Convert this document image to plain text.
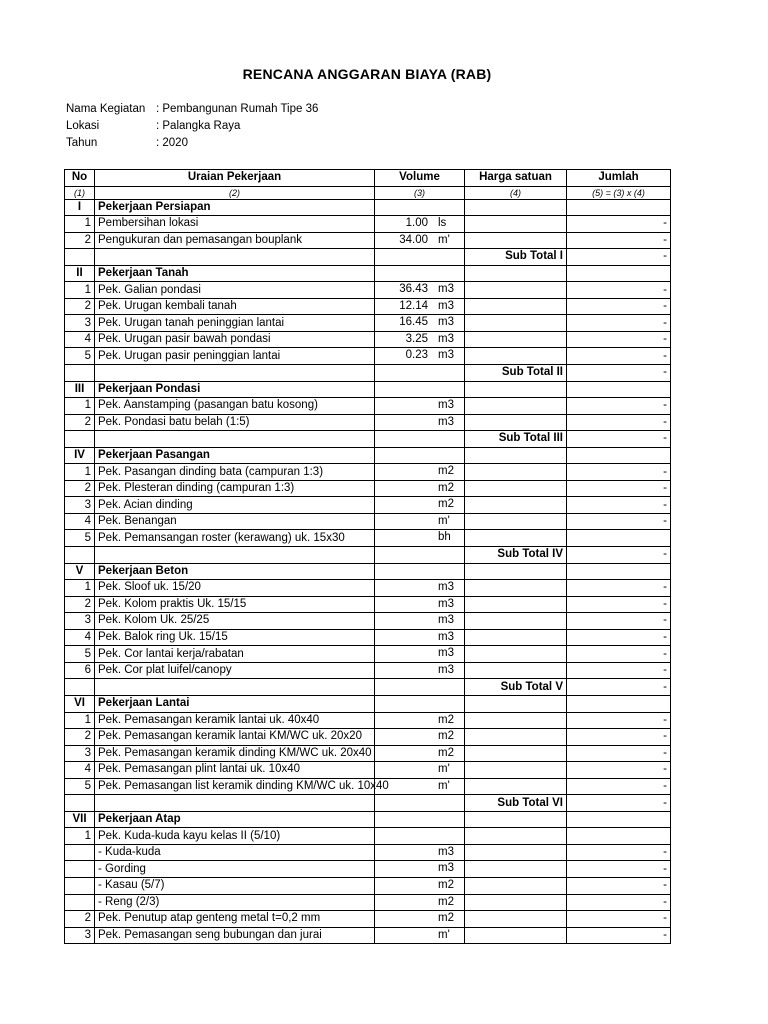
RENCANA ANGGARAN BIAYA (RAB)
Nama Kegiatan : Pembangunan Rumah Tipe 36
Lokasi	: Palangka Raya
Tahun	: 2020
No	Uraian Pekerjaan	Volume	Harga satuan	Jumlah
(1)	(2)	(3)	(4)	(5) = (3) x (4)
I	Pekerjaan Persiapan			
1	Pembersihan lokasi	1.00 ls		-
2	Pengukuran dan pemasangan bouplank	34.00 m'		-
			Sub Total I	-
II	Pekerjaan Tanah			
1	Pek. Galian pondasi	36.43 m3		-
2	Pek. Urugan kembali tanah	12.14 m3		-
3	Pek. Urugan tanah peninggian lantai	16.45 m3		-
4	Pek. Urugan pasir bawah pondasi	3.25 m3		-
5	Pek. Urugan pasir peninggian lantai	0.23 m3		-
			Sub Total II	-
III	Pekerjaan Pondasi			
1	Pek. Aanstamping (pasangan batu kosong)	m3		-
2	Pek. Pondasi batu belah (1:5)	m3		-
			Sub Total III	-
IV	Pekerjaan Pasangan			
1	Pek. Pasangan dinding bata (campuran 1:3)	m2		-
2	Pek. Plesteran dinding (campuran 1:3)	m2		-
3	Pek. Acian dinding	m2		-
4	Pek. Benangan	m'		-
5	Pek. Pemansangan roster (kerawang) uk. 15x30	bh		

			Sub Total IV	-
V	Pekerjaan Beton			
1	Pek. Sloof uk. 15/20	m3		-
2	Pek. Kolom praktis Uk. 15/15	m3		-
3	Pek. Kolom Uk. 25/25	m3		-
4	Pek. Balok ring Uk. 15/15	m3		-
5	Pek. Cor lantai kerja/rabatan	m3		-
6	Pek. Cor plat luifel/canopy	m3		-
			Sub Total V	-
VI	Pekerjaan Lantai			
1	Pek. Pemasangan keramik lantai uk. 40x40	m2		-
2	Pek. Pemasangan keramik lantai KM/WC uk. 20x20	m2		-
3	Pek. Pemasangan keramik dinding KM/WC uk. 20x40	m2		-
4	Pek. Pemasangan plint lantai uk. 10x40	m'		-
5	Pek. Pemasangan list keramik dinding KM/WC uk. 10x40	m'		-
			Sub Total VI	-
VII	Pekerjaan Atap			
1	Pek. Kuda-kuda kayu kelas II (5/10)	

	- Kuda-kuda	m3		-
	- Gording	m3		-
	- Kasau (5/7)	m2		-
	- Reng (2/3)	m2		-
2	Pek. Penutup atap genteng metal t=0,2 mm	m2		-
3	Pek. Pemasangan seng bubungan dan jurai	m'		-
